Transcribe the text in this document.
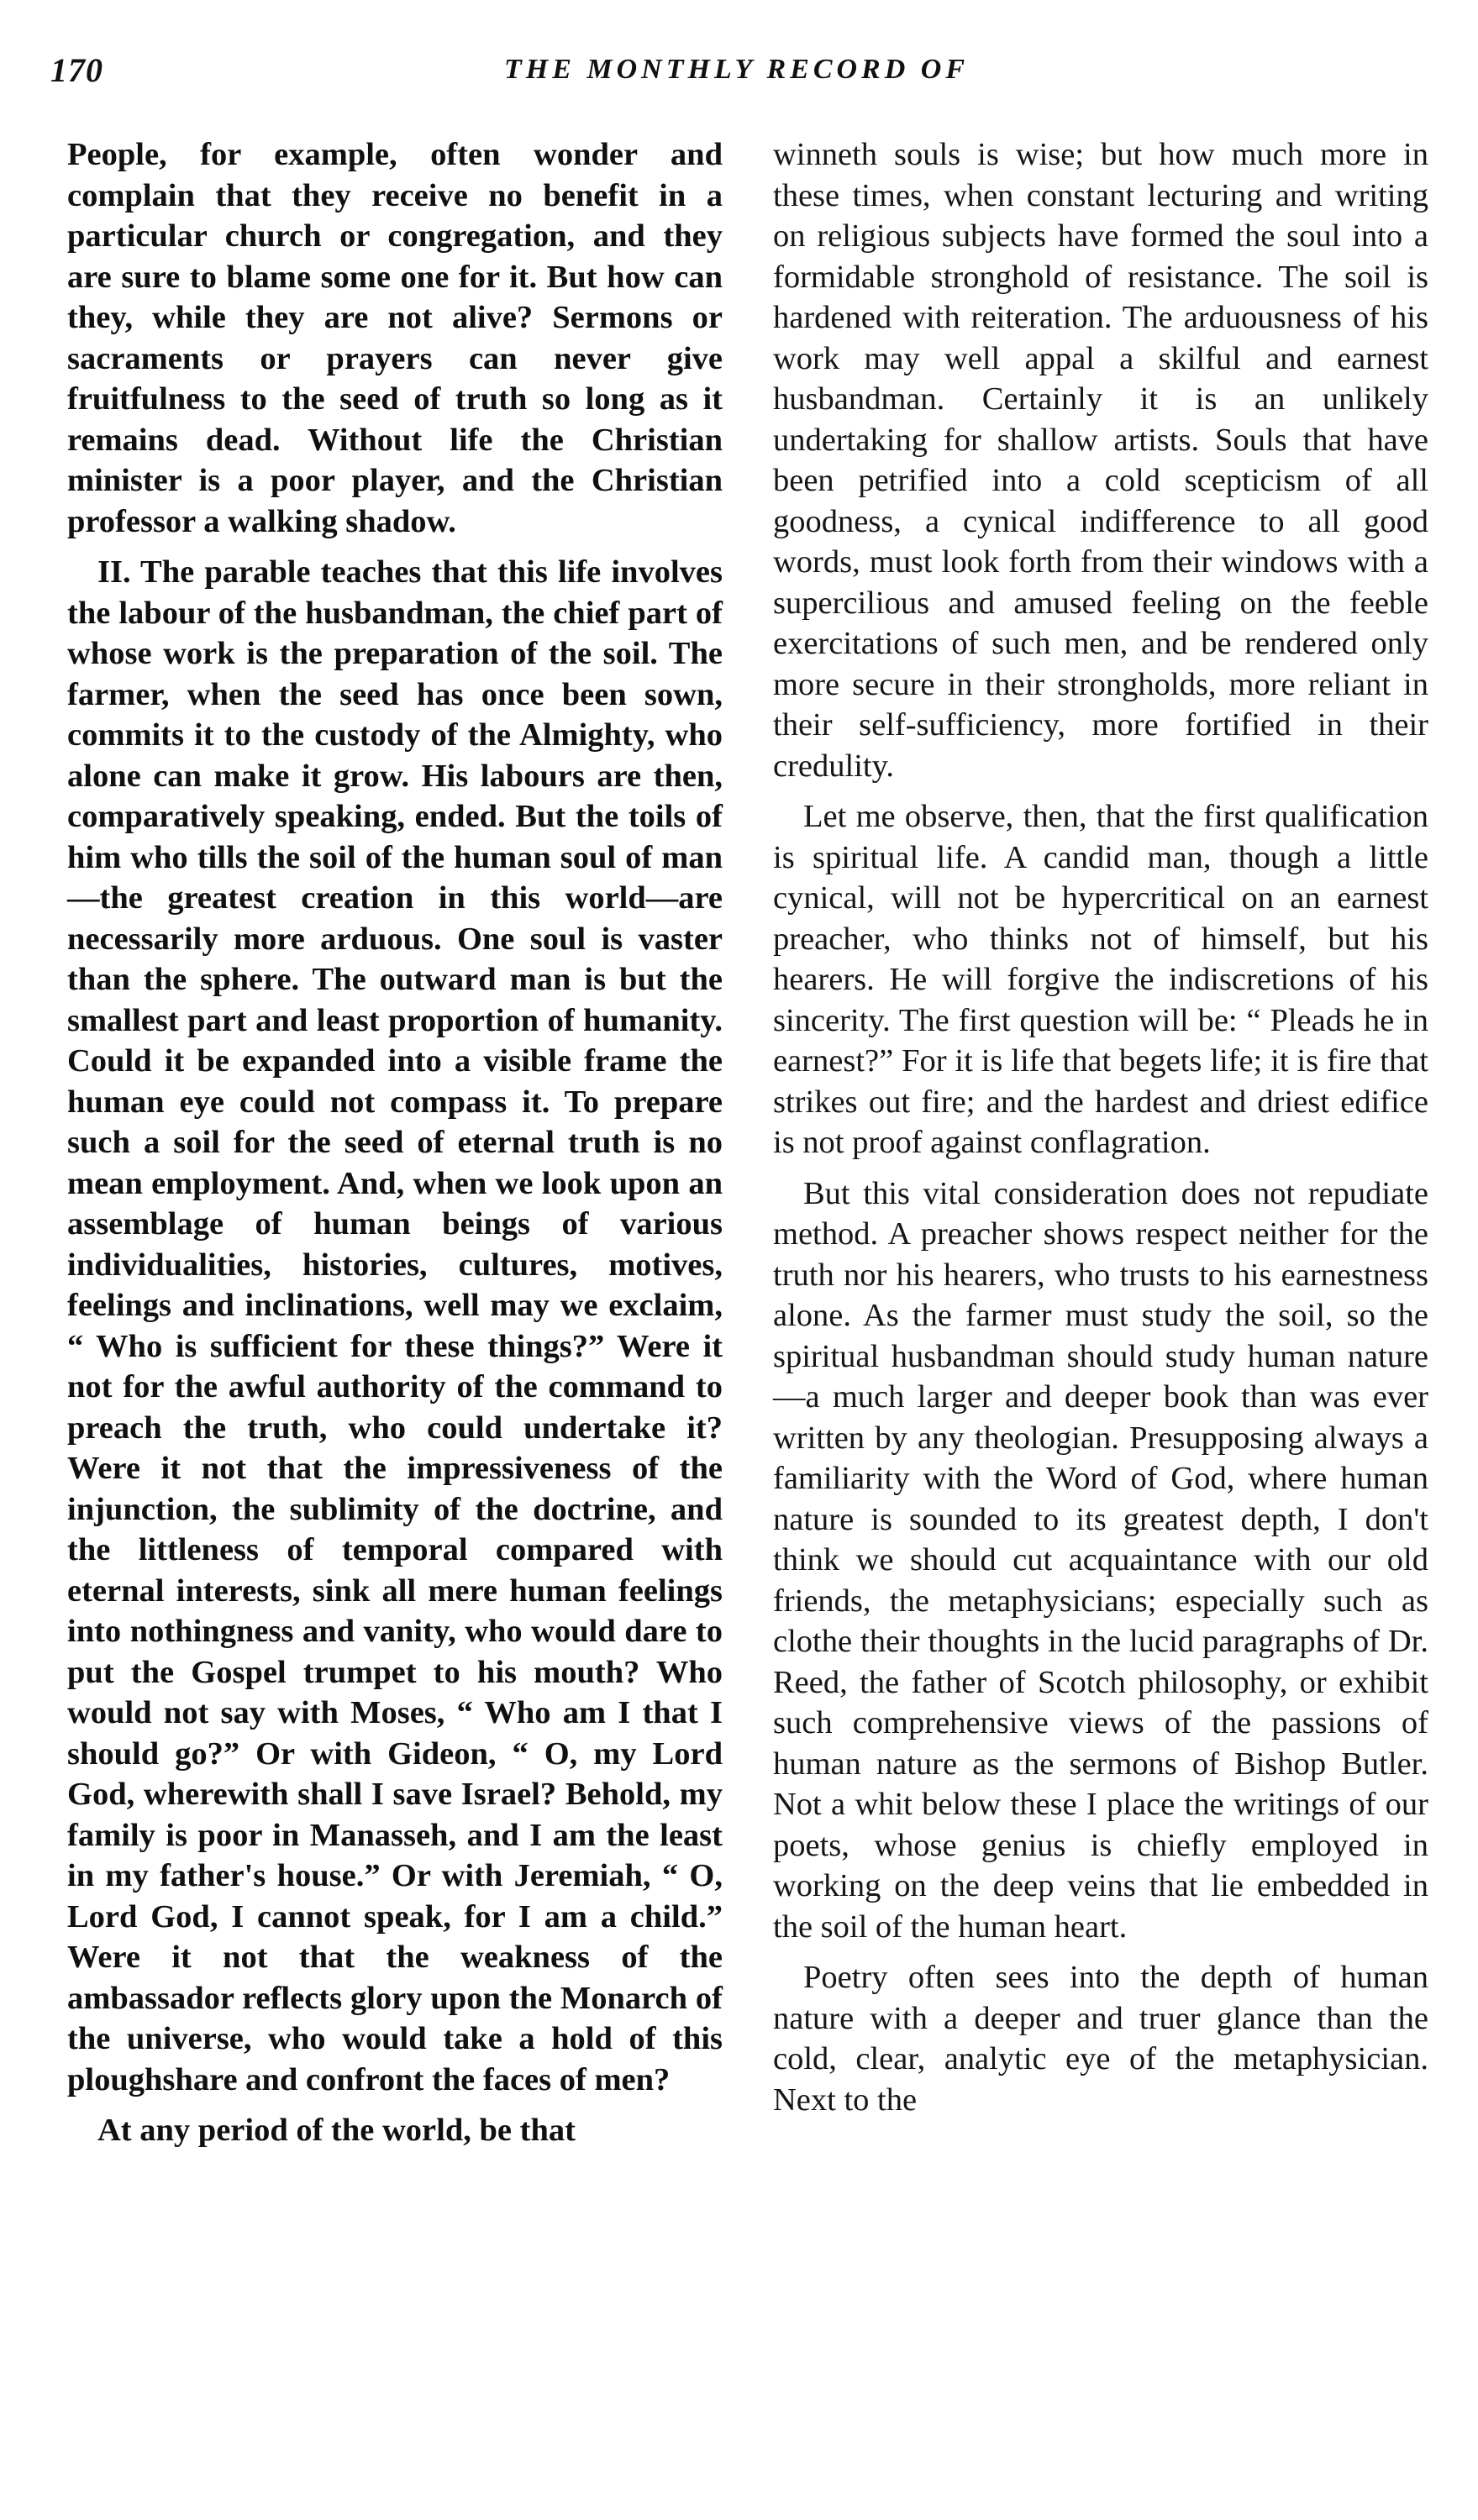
170	THE MONTHLY RECORD OF

People, for example, often wonder and complain that they receive no benefit in a particular church or congregation, and they are sure to blame some one for it. But how can they, while they are not alive? Sermons or sacraments or prayers can never give fruitfulness to the seed of truth so long as it remains dead. Without life the Christian minister is a poor player, and the Christian professor a walking shadow.

II. The parable teaches that this life involves the labour of the husbandman, the chief part of whose work is the preparation of the soil. The farmer, when the seed has once been sown, commits it to the custody of the Almighty, who alone can make it grow. His labours are then, comparatively speaking, ended. But the toils of him who tills the soil of the human soul of man—the greatest creation in this world—are necessarily more arduous. One soul is vaster than the sphere. The outward man is but the smallest part and least proportion of humanity. Could it be expanded into a visible frame the human eye could not compass it. To prepare such a soil for the seed of eternal truth is no mean employment. And, when we look upon an assemblage of human beings of various individualities, histories, cultures, motives, feelings and inclinations, well may we exclaim, “ Who is sufficient for these things?” Were it not for the awful authority of the command to preach the truth, who could undertake it? Were it not that the impressiveness of the injunction, the sublimity of the doctrine, and the littleness of temporal compared with eternal interests, sink all mere human feelings into nothingness and vanity, who would dare to put the Gospel trumpet to his mouth? Who would not say with Moses, “ Who am I that I should go?” Or with Gideon, “ O, my Lord God, wherewith shall I save Israel? Behold, my family is poor in Manasseh, and I am the least in my father's house.” Or with Jeremiah, “ O, Lord God, I cannot speak, for I am a child.” Were it not that the weakness of the ambassador reflects glory upon the Monarch of the universe, who would take a hold of this ploughshare and confront the faces of men?

At any period of the world, be that

winneth souls is wise; but how much more in these times, when constant lecturing and writing on religious subjects have formed the soul into a formidable stronghold of resistance. The soil is hardened with reiteration. The arduousness of his work may well appal a skilful and earnest husbandman. Certainly it is an unlikely undertaking for shallow artists. Souls that have been petrified into a cold scepticism of all goodness, a cynical indifference to all good words, must look forth from their windows with a supercilious and amused feeling on the feeble exercitations of such men, and be rendered only more secure in their strongholds, more reliant in their self-sufficiency, more fortified in their credulity.

Let me observe, then, that the first qualification is spiritual life. A candid man, though a little cynical, will not be hypercritical on an earnest preacher, who thinks not of himself, but his hearers. He will forgive the indiscretions of his sincerity. The first question will be: “ Pleads he in earnest?” For it is life that begets life; it is fire that strikes out fire; and the hardest and driest edifice is not proof against conflagration.

But this vital consideration does not repudiate method. A preacher shows respect neither for the truth nor his hearers, who trusts to his earnestness alone. As the farmer must study the soil, so the spiritual husbandman should study human nature—a much larger and deeper book than was ever written by any theologian. Presupposing always a familiarity with the Word of God, where human nature is sounded to its greatest depth, I don't think we should cut acquaintance with our old friends, the metaphysicians; especially such as clothe their thoughts in the lucid paragraphs of Dr. Reed, the father of Scotch philosophy, or exhibit such comprehensive views of the passions of human nature as the sermons of Bishop Butler. Not a whit below these I place the writings of our poets, whose genius is chiefly employed in working on the deep veins that lie embedded in the soil of the human heart.

Poetry often sees into the depth of human nature with a deeper and truer glance than the cold, clear, analytic eye of the metaphysician. Next to the
